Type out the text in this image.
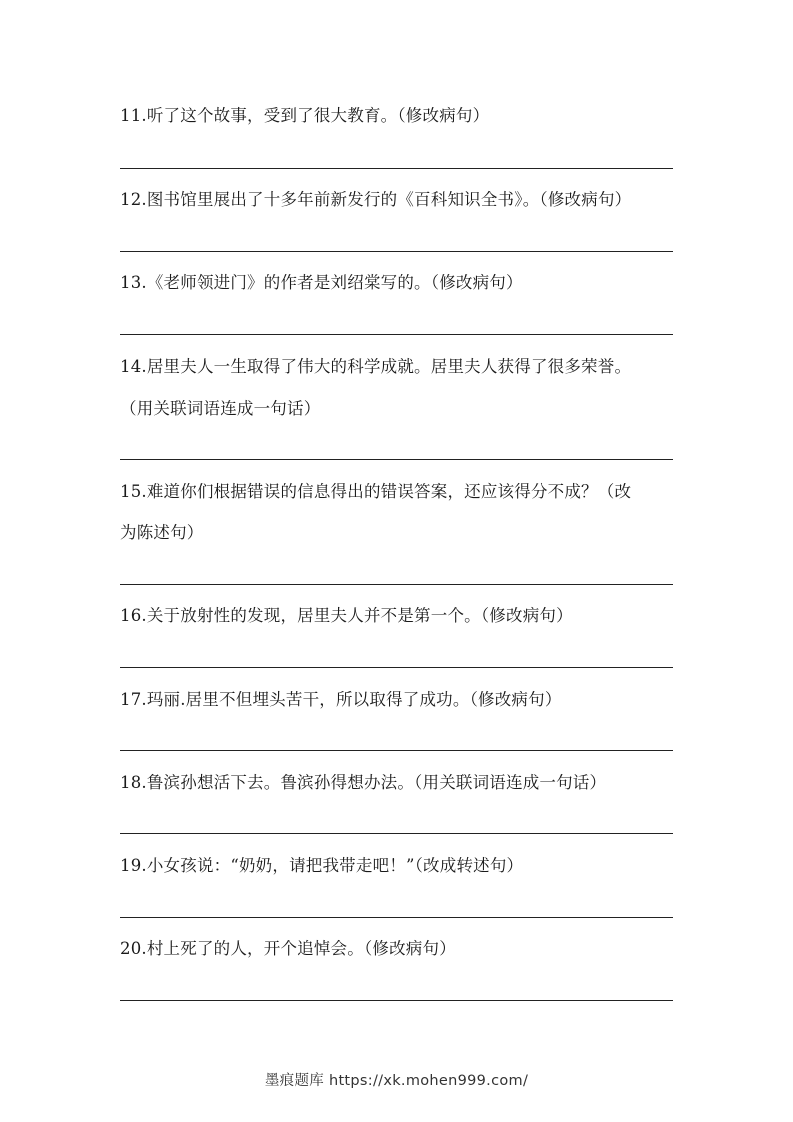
11.听了这个故事，受到了很大教育。（修改病句）
12.图书馆里展出了十多年前新发行的《百科知识全书》。（修改病句）
13.《老师领进门》的作者是刘绍棠写的。（修改病句）
14.居里夫人一生取得了伟大的科学成就。居里夫人获得了很多荣誉。
（用关联词语连成一句话）
15.难道你们根据错误的信息得出的错误答案，还应该得分不成？（改
为陈述句）
16.关于放射性的发现，居里夫人并不是第一个。（修改病句）
17.玛丽.居里不但埋头苦干，所以取得了成功。（修改病句）
18.鲁滨孙想活下去。鲁滨孙得想办法。（用关联词语连成一句话）
19.小女孩说：“奶奶，请把我带走吧！”（改成转述句）
20.村上死了的人，开个追悼会。（修改病句）
墨痕题库 https://xk.mohen999.com/
